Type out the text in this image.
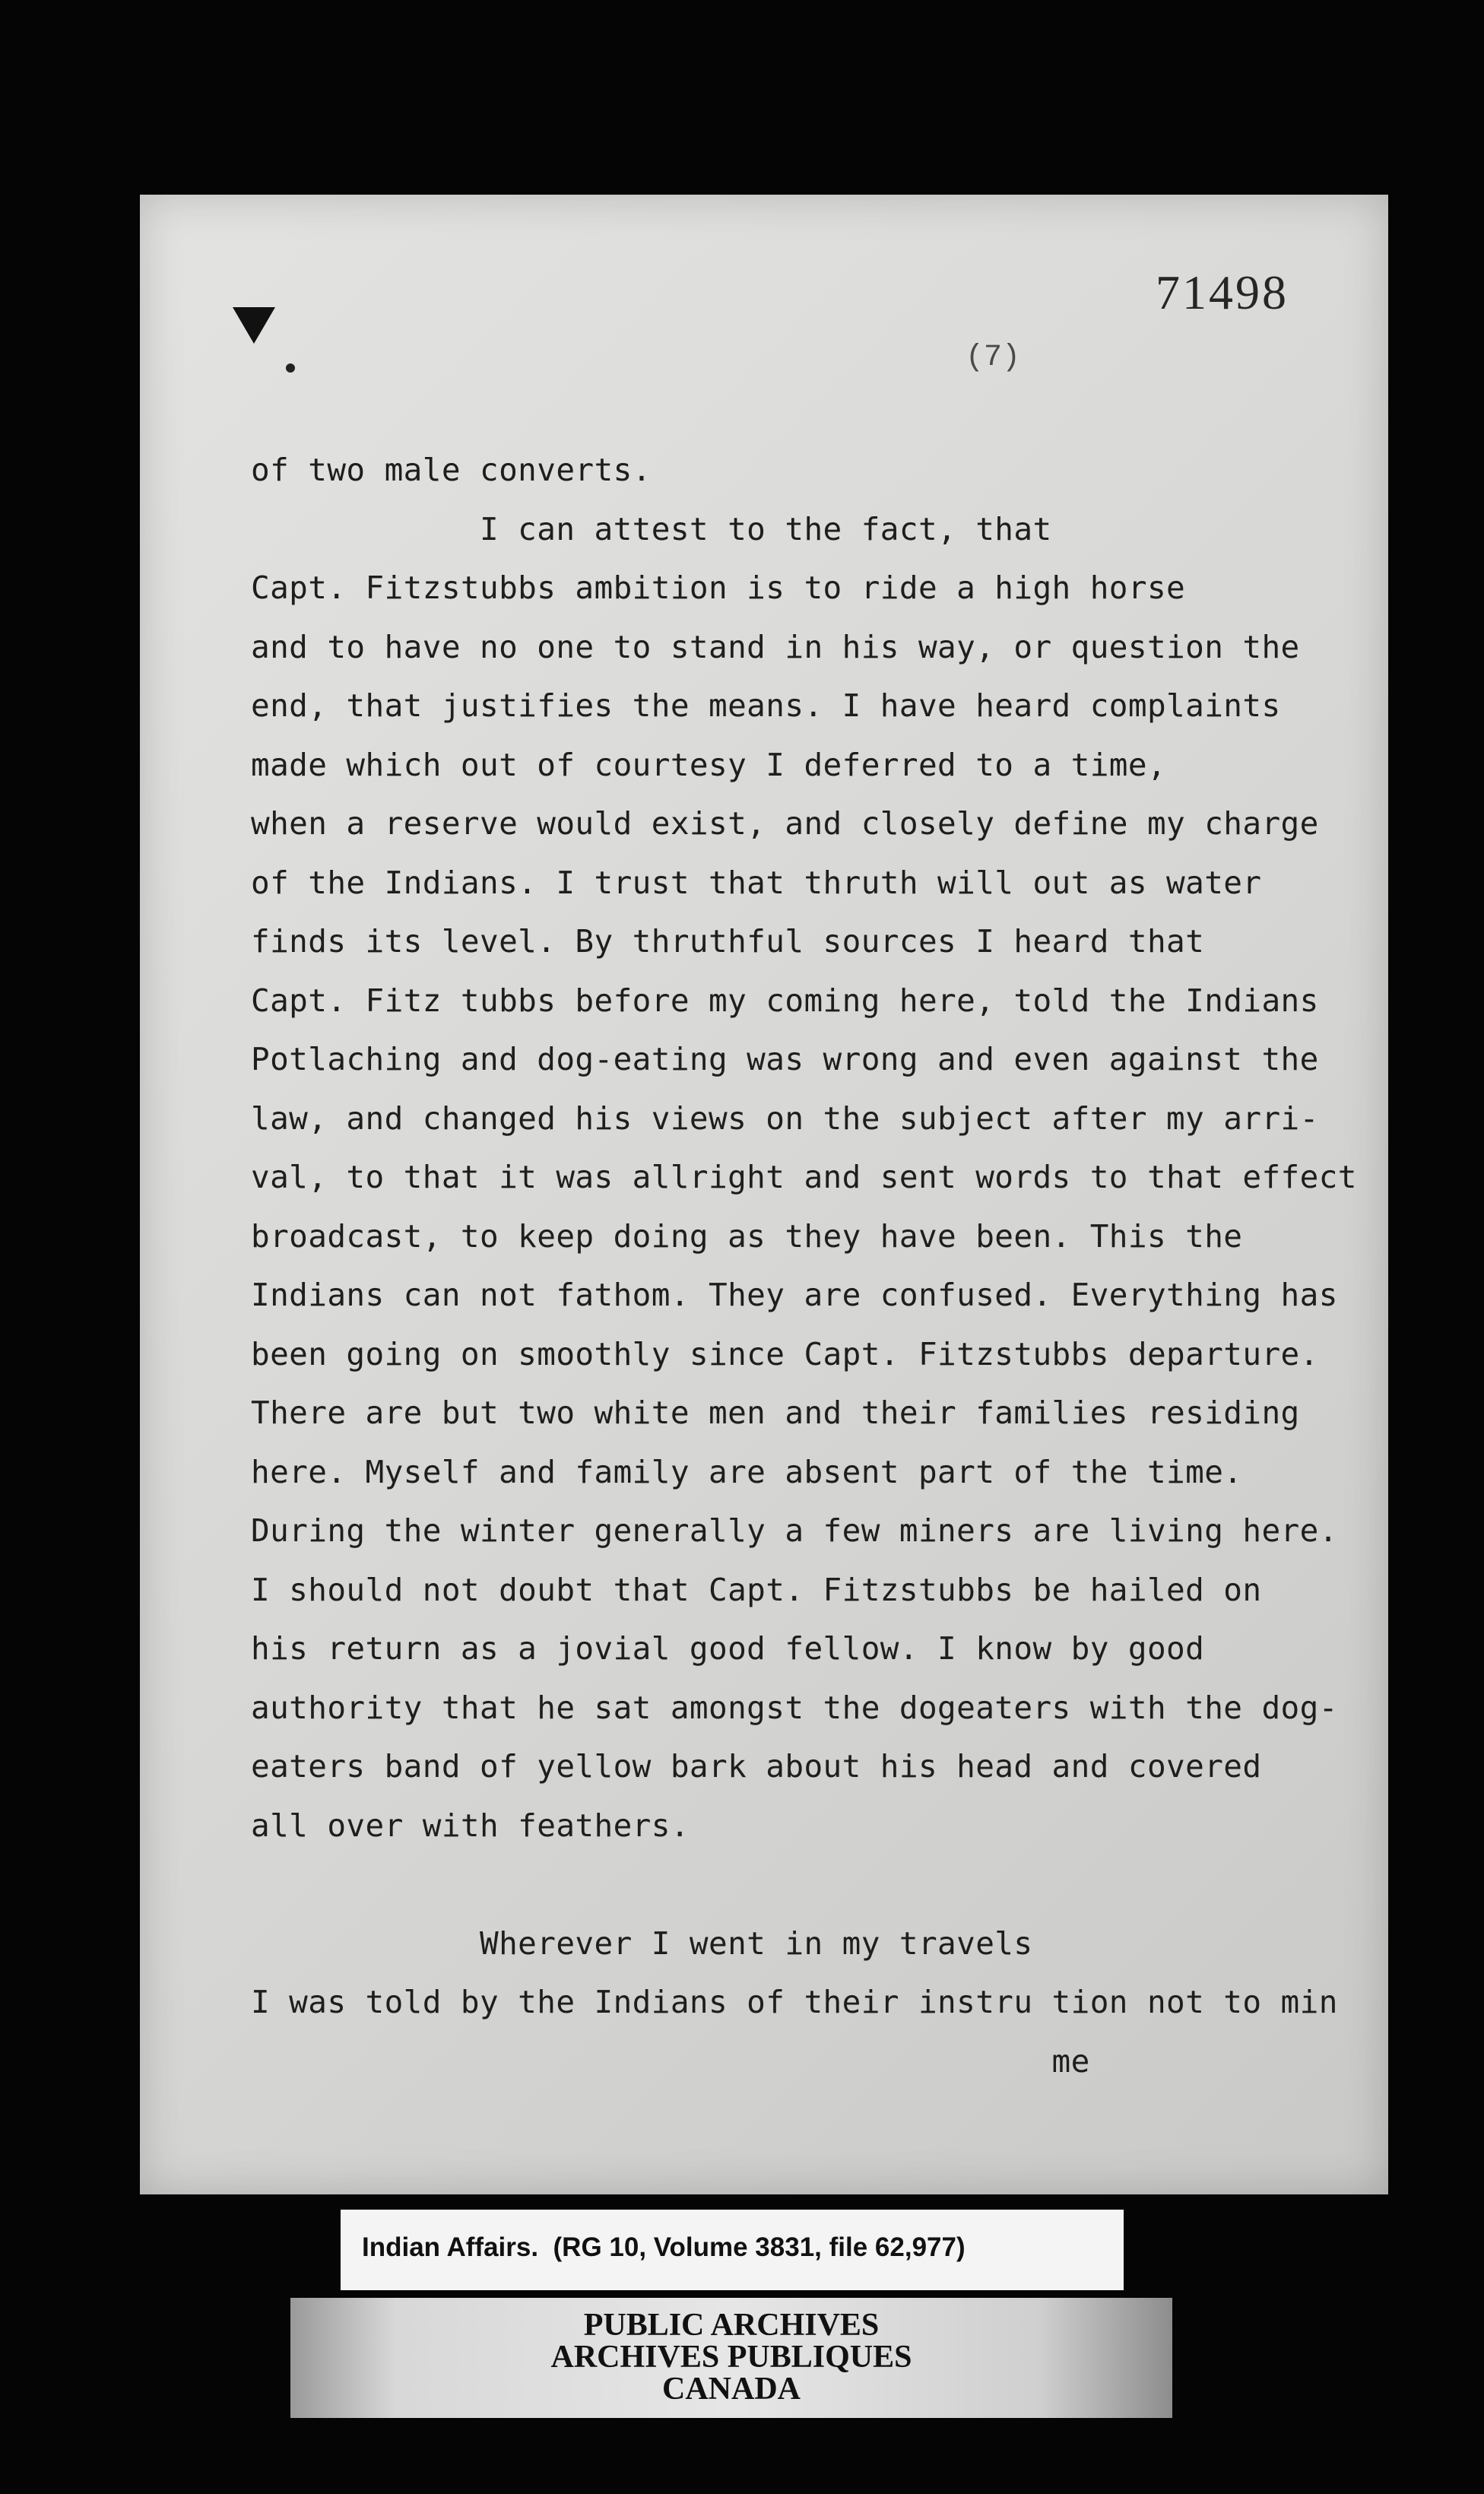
71498
(7)
of two male converts.
I can attest to the fact, that
Capt. Fitzstubbs ambition is to ride a high horse
and to have no one to stand in his way, or question the
end, that justifies the means. I have heard complaints
made which out of courtesy I deferred to a time,
when a reserve would exist, and closely define my charge
of the Indians. I trust that thruth will out as water
finds its level. By thruthful sources I heard that
Capt. Fitz tubbs before my coming here, told the Indians
Potlaching and dog-eating was wrong and even against the
law, and changed his views on the subject after my arri-
val, to that it was allright and sent words to that effect
broadcast, to keep doing as they have been. This the
Indians can not fathom. They are confused. Everything has
been going on smoothly since Capt. Fitzstubbs departure.
There are but two white men and their families residing
here. Myself and family are absent part of the time.
During the winter generally a few miners are living here.
I should not doubt that Capt. Fitzstubbs be hailed on
his return as a jovial good fellow. I know by good
authority that he sat amongst the dogeaters with the dog-
eaters band of yellow bark about his head and covered
all over with feathers.

Wherever I went in my travels
I was told by the Indians of their instru tion not to min
me
Indian Affairs.  (RG 10, Volume 3831, file 62,977)
PUBLIC ARCHIVES
ARCHIVES PUBLIQUES
CANADA
